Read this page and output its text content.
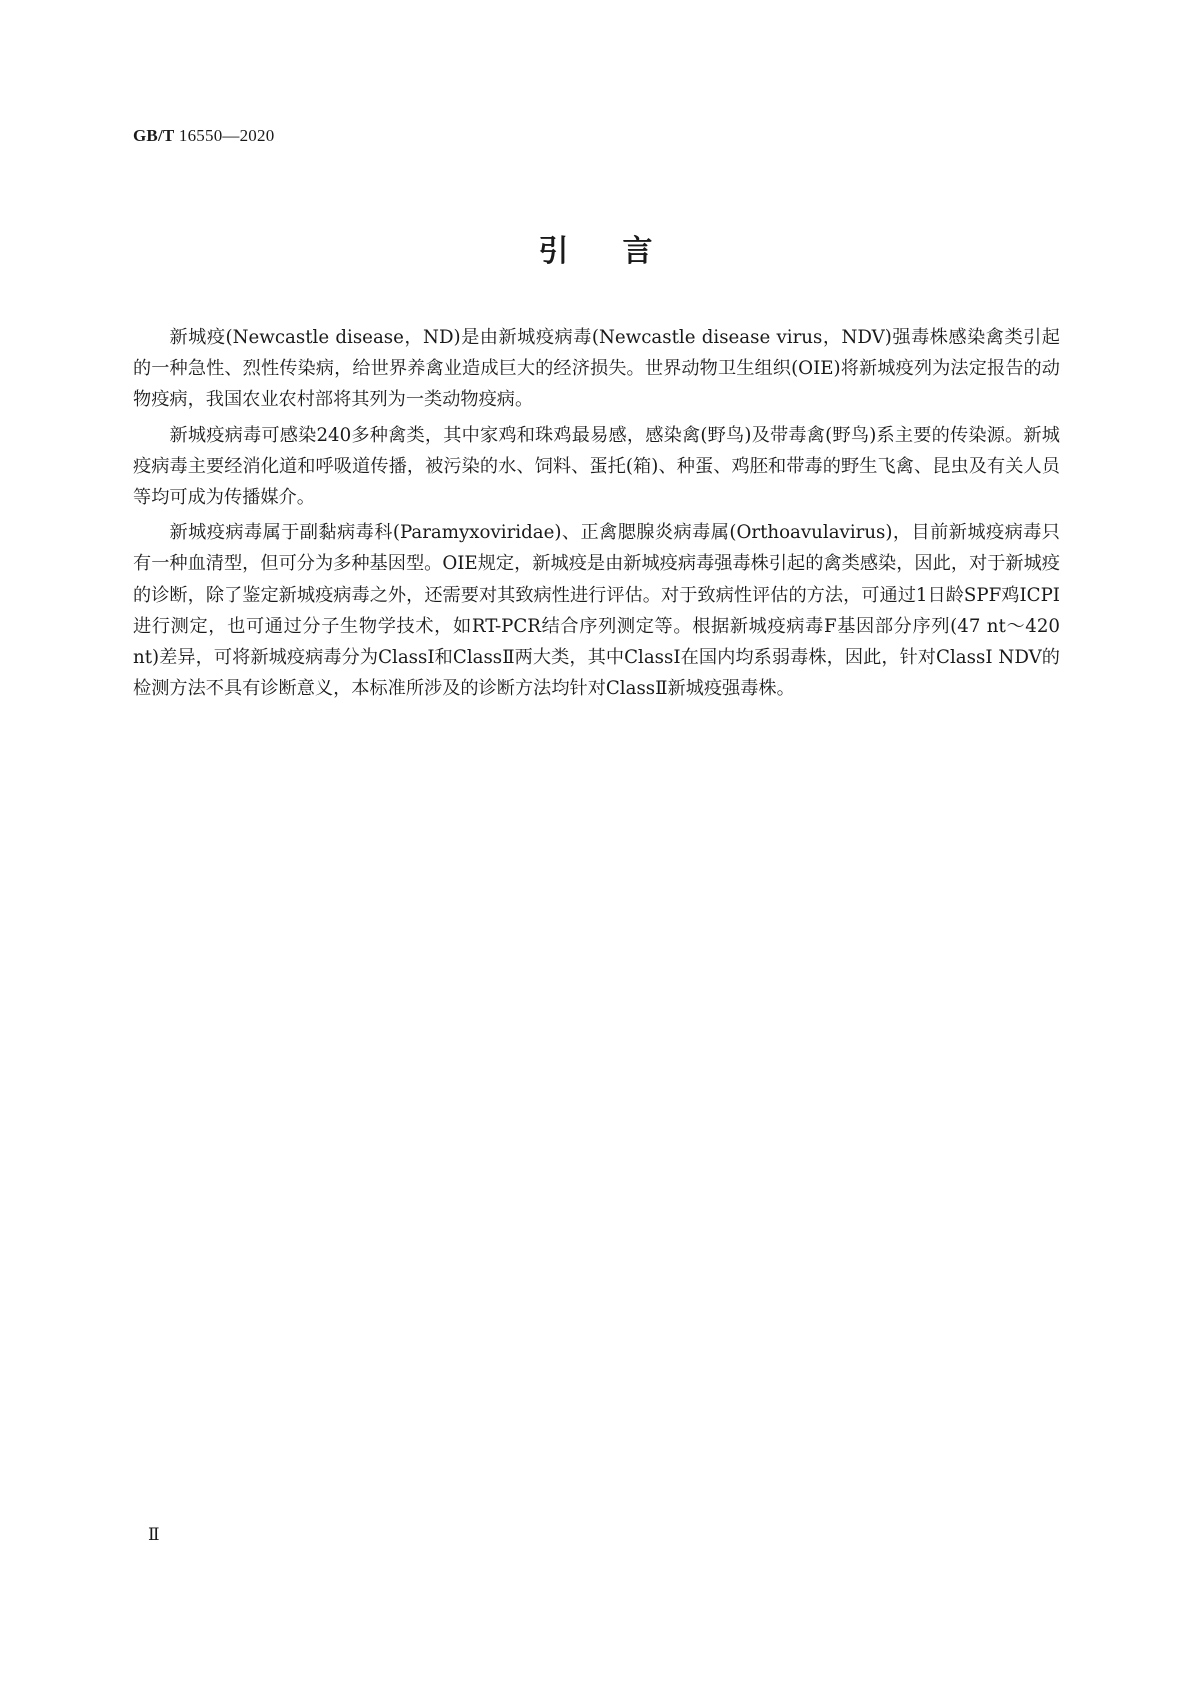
GB/T 16550—2020
引言

新城疫(Newcastle disease，ND)是由新城疫病毒(Newcastle disease virus，NDV)强毒株感染禽类引起的一种急性、烈性传染病，给世界养禽业造成巨大的经济损失。世界动物卫生组织(OIE)将新城疫列为法定报告的动物疫病，我国农业农村部将其列为一类动物疫病。

新城疫病毒可感染240多种禽类，其中家鸡和珠鸡最易感，感染禽(野鸟)及带毒禽(野鸟)系主要的传染源。新城疫病毒主要经消化道和呼吸道传播，被污染的水、饲料、蛋托(箱)、种蛋、鸡胚和带毒的野生飞禽、昆虫及有关人员等均可成为传播媒介。

新城疫病毒属于副黏病毒科(Paramyxoviridae)、正禽腮腺炎病毒属(Orthoavulavirus)，目前新城疫病毒只有一种血清型，但可分为多种基因型。OIE规定，新城疫是由新城疫病毒强毒株引起的禽类感染，因此，对于新城疫的诊断，除了鉴定新城疫病毒之外，还需要对其致病性进行评估。对于致病性评估的方法，可通过1日龄SPF鸡ICPI进行测定，也可通过分子生物学技术，如RT-PCR结合序列测定等。根据新城疫病毒F基因部分序列(47 nt～420 nt)差异，可将新城疫病毒分为ClassⅠ和ClassⅡ两大类，其中ClassⅠ在国内均系弱毒株，因此，针对ClassⅠ NDV的检测方法不具有诊断意义，本标准所涉及的诊断方法均针对ClassⅡ新城疫强毒株。

Ⅱ
